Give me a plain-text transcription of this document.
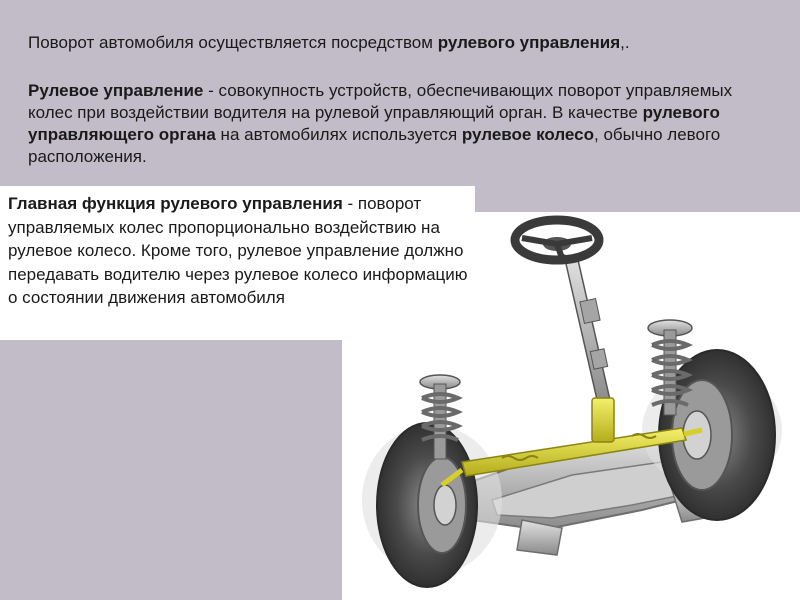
Поворот автомобиля осуществляется посредством рулевого управления,.

Рулевое управление - совокупность устройств, обеспечивающих поворот управляемых колес при воздействии водителя на рулевой управляющий орган. В качестве рулевого управляющего органа на автомобилях используется рулевое колесо, обычно левого расположения.

Главная функция рулевого управления - поворот управляемых колес пропорционально воздействию на рулевое колесо. Кроме того, рулевое управление должно передавать водителю через рулевое колесо информацию о состоянии движения автомобиля
